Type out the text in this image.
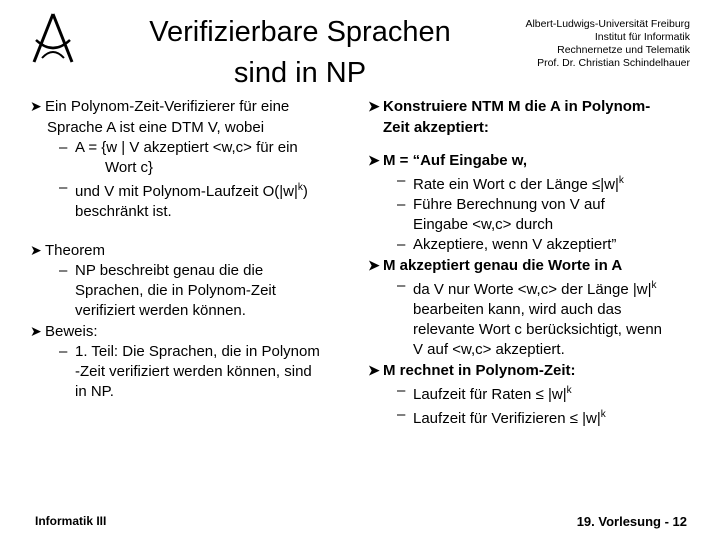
Verifizierbare Sprachen
sind in NP
Albert-Ludwigs-Universität Freiburg
Institut für Informatik
Rechnernetze und Telematik
Prof. Dr. Christian Schindelhauer
➤ Ein Polynom-Zeit-Verifizierer für eine
Sprache A ist eine DTM V, wobei
– A = {w | V akzeptiert <w,c> für ein
Wort c}
– und V mit Polynom-Laufzeit $O(|w|^k)$
beschränkt ist.
➤ Theorem
– NP beschreibt genau die die
Sprachen, die in Polynom-Zeit
verifiziert werden können.
➤ Beweis:
– 1. Teil: Die Sprachen, die in Polynom
-Zeit verifiziert werden können, sind
in NP.
➤ Konstruiere NTM M die A in Polynom-
Zeit akzeptiert:
➤ M = “Auf Eingabe w,
– Rate ein Wort c der Länge $\le|w|^k$
– Führe Berechnung von V auf
Eingabe <w,c> durch
– Akzeptiere, wenn V akzeptiert”
➤ M akzeptiert genau die Worte in A
– da V nur Worte <w,c> der Länge $|w|^k$
bearbeiten kann, wird auch das
relevante Wort c berücksichtigt, wenn
V auf <w,c> akzeptiert.
➤ M rechnet in Polynom-Zeit:
– Laufzeit für Raten ≤ $|w|^k$
– Laufzeit für Verifizieren ≤ $|w|^k$
Informatik III	19. Vorlesung - 12
